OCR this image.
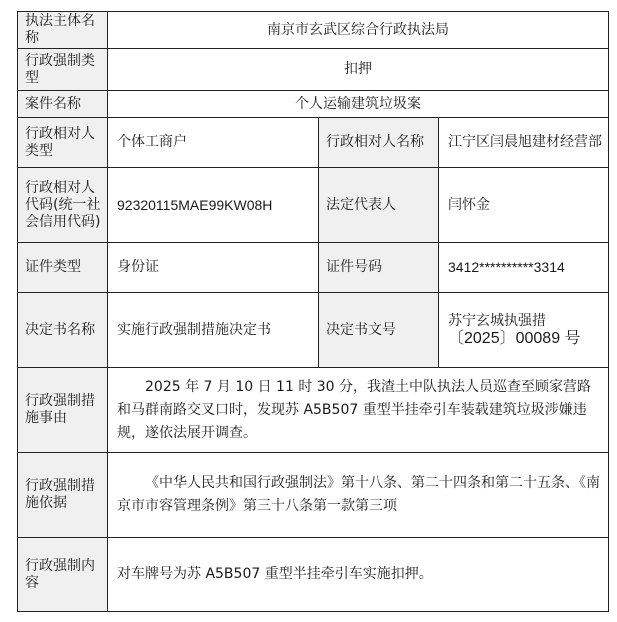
执法主体名称	南京市玄武区综合行政执法局		
行政强制类型	扣押		
案件名称	个人运输建筑垃圾案		
行政相对人类型	个体工商户	行政相对人名称	江宁区闫晨旭建材经营部
行政相对人代码(统一社会信用代码)	92320115MAE99KW08H	法定代表人	闫怀金
证件类型	身份证	证件号码	3412**********3314
决定书名称	实施行政强制措施决定书	决定书文号	苏宁玄城执强措
〔2025〕00089 号

行政强制措施事由	2025 年 7 月 10 日 11 时 30 分，我渣土中队执法人员巡查至顾家营路和马群南路交叉口时，发现苏 A5B507 重型半挂牵引车装载建筑垃圾涉嫌违规，遂依法展开调查。		

行政强制措施依据	《中华人民共和国行政强制法》第十八条、第二十四条和第二十五条、《南京市市容管理条例》第三十八条第一款第三项		

行政强制内容	对车牌号为苏 A5B507 重型半挂牵引车实施扣押。		
